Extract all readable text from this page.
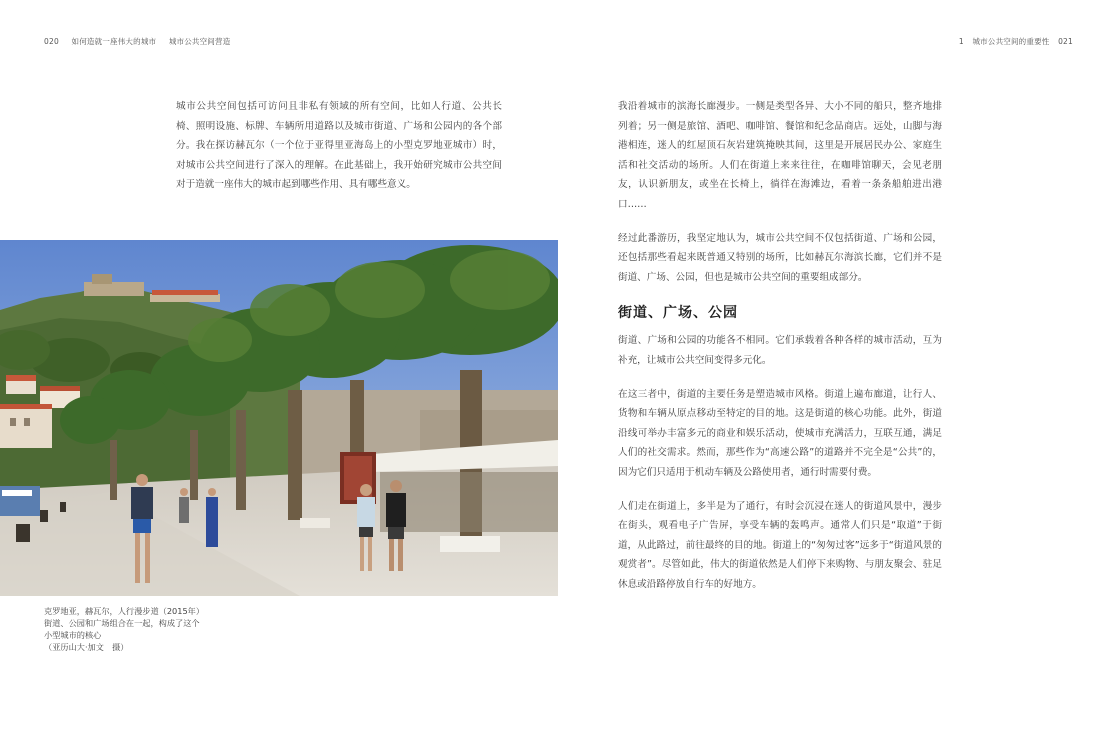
020 如何造就一座伟大的城市 城市公共空间营造	1 城市公共空间的重要性 021

城市公共空间包括可访问且非私有领域的所有空间，比如人行道、公共长椅、照明设施、标牌、车辆所用道路以及城市街道、广场和公园内的各个部分。我在探访赫瓦尔（一个位于亚得里亚海岛上的小型克罗地亚城市）时，对城市公共空间进行了深入的理解。在此基础上，我开始研究城市公共空间对于造就一座伟大的城市起到哪些作用、具有哪些意义。

克罗地亚，赫瓦尔，人行漫步道（2015年）
街道、公园和广场组合在一起，构成了这个
小型城市的核心
（亚历山大·加文　摄）

我沿着城市的滨海长廊漫步。一侧是类型各异、大小不同的船只，整齐地排列着；另一侧是旅馆、酒吧、咖啡馆、餐馆和纪念品商店。远处，山脚与海港相连，迷人的红屋顶石灰岩建筑掩映其间，这里是开展居民办公、家庭生活和社交活动的场所。人们在街道上来来往往，在咖啡馆聊天，会见老朋友，认识新朋友，或坐在长椅上，徜徉在海滩边，看着一条条船舶进出港口……

经过此番游历，我坚定地认为，城市公共空间不仅包括街道、广场和公园，还包括那些看起来既普通又特别的场所，比如赫瓦尔海滨长廊，它们并不是街道、广场、公园，但也是城市公共空间的重要组成部分。

街道、广场、公园

街道、广场和公园的功能各不相同。它们承载着各种各样的城市活动，互为补充，让城市公共空间变得多元化。

在这三者中，街道的主要任务是塑造城市风格。街道上遍布廊道，让行人、货物和车辆从原点移动至特定的目的地。这是街道的核心功能。此外，街道沿线可举办丰富多元的商业和娱乐活动，使城市充满活力，互联互通，满足人们的社交需求。然而，那些作为“高速公路”的道路并不完全是“公共”的，因为它们只适用于机动车辆及公路使用者，通行时需要付费。

人们走在街道上，多半是为了通行，有时会沉浸在迷人的街道风景中，漫步在街头，观看电子广告屏，享受车辆的轰鸣声。通常人们只是“取道”于街道，从此路过，前往最终的目的地。街道上的“匆匆过客”远多于“街道风景的观赏者”。尽管如此，伟大的街道依然是人们停下来购物、与朋友聚会、驻足休息或沿路停放自行车的好地方。
